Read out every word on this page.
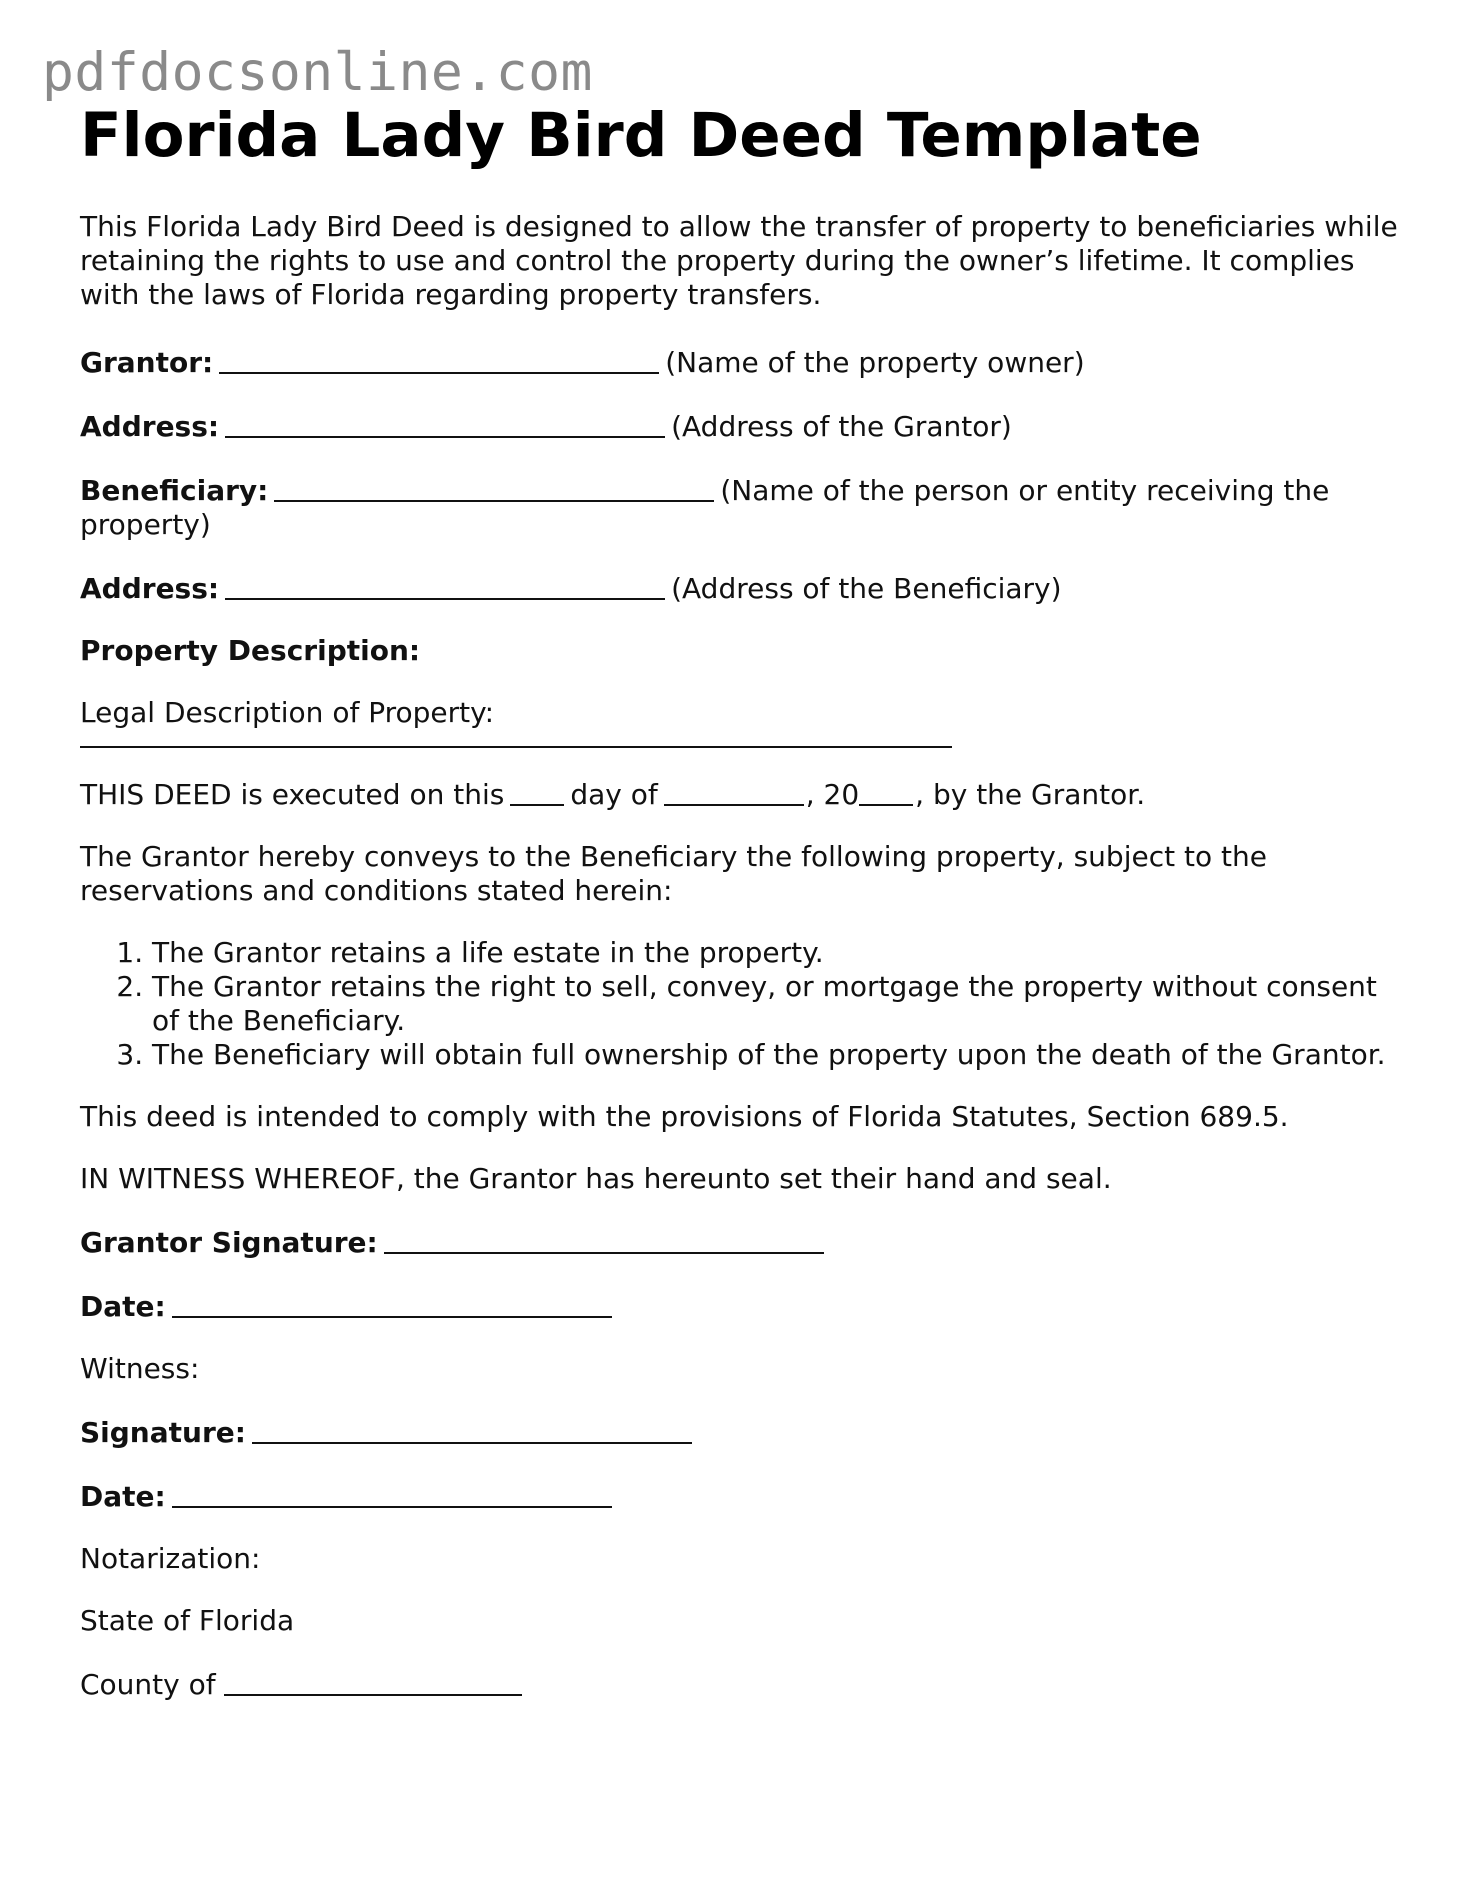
pdfdocsonline.com
Florida Lady Bird Deed Template

This Florida Lady Bird Deed is designed to allow the transfer of property to beneficiaries while retaining the rights to use and control the property during the owner’s lifetime. It complies with the laws of Florida regarding property transfers.

Grantor:	(Name of the property owner)
Address:	(Address of the Grantor)
Beneficiary:	(Name of the person or entity receiving the property)
Address:	(Address of the Beneficiary)
Property Description:
Legal Description of Property:
THIS DEED is executed on this day of	, 20 , by the Grantor.

The Grantor hereby conveys to the Beneficiary the following property, subject to the reservations and conditions stated herein:

1. The Grantor retains a life estate in the property.
2. The Grantor retains the right to sell, convey, or mortgage the property without consent of the Beneficiary.
3. The Beneficiary will obtain full ownership of the property upon the death of the Grantor.

This deed is intended to comply with the provisions of Florida Statutes, Section 689.5.

IN WITNESS WHEREOF, the Grantor has hereunto set their hand and seal.

Grantor Signature:
Date:
Witness:
Signature:
Date:
Notarization:
State of Florida
County of
